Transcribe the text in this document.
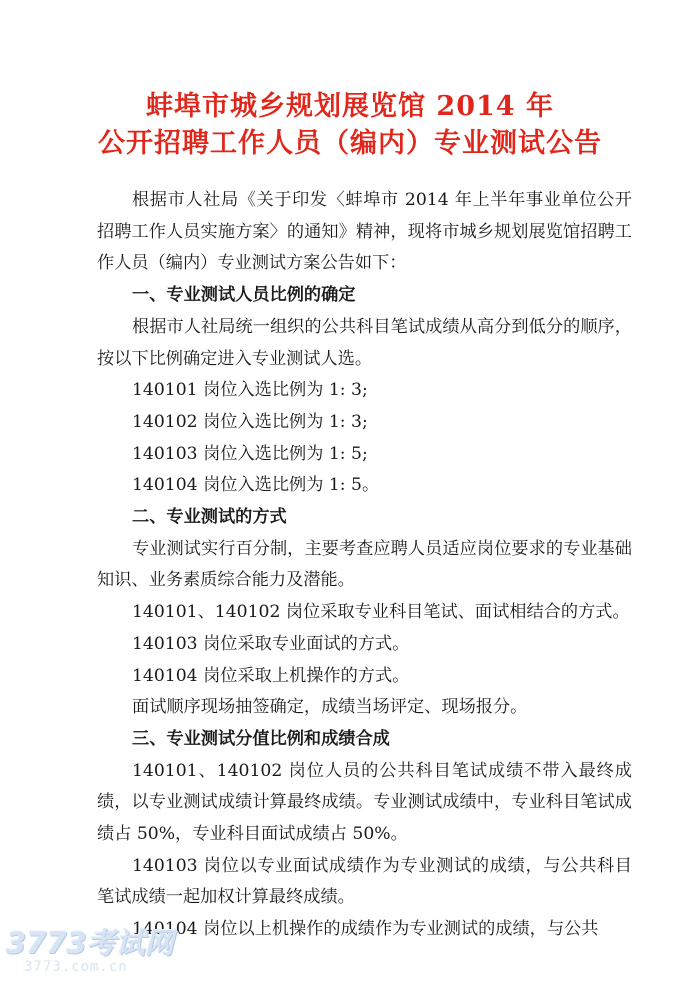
蚌埠市城乡规划展览馆 2014 年
公开招聘工作人员（编内）专业测试公告

根据市人社局《关于印发〈蚌埠市 2014 年上半年事业单位公开招聘工作人员实施方案〉的通知》精神，现将市城乡规划展览馆招聘工作人员（编内）专业测试方案公告如下：

一、专业测试人员比例的确定

根据市人社局统一组织的公共科目笔试成绩从高分到低分的顺序，按以下比例确定进入专业测试人选。

140101 岗位入选比例为 1: 3;

140102 岗位入选比例为 1: 3;

140103 岗位入选比例为 1: 5;

140104 岗位入选比例为 1: 5。

二、专业测试的方式

专业测试实行百分制，主要考查应聘人员适应岗位要求的专业基础知识、业务素质综合能力及潜能。

140101、140102 岗位采取专业科目笔试、面试相结合的方式。

140103 岗位采取专业面试的方式。

140104 岗位采取上机操作的方式。

面试顺序现场抽签确定，成绩当场评定、现场报分。

三、专业测试分值比例和成绩合成

140101、140102 岗位人员的公共科目笔试成绩不带入最终成绩，以专业测试成绩计算最终成绩。专业测试成绩中，专业科目笔试成绩占 50%，专业科目面试成绩占 50%。

140103 岗位以专业面试成绩作为专业测试的成绩，与公共科目笔试成绩一起加权计算最终成绩。

140104 岗位以上机操作的成绩作为专业测试的成绩，与公共

3773考试网
3773.com.cn
